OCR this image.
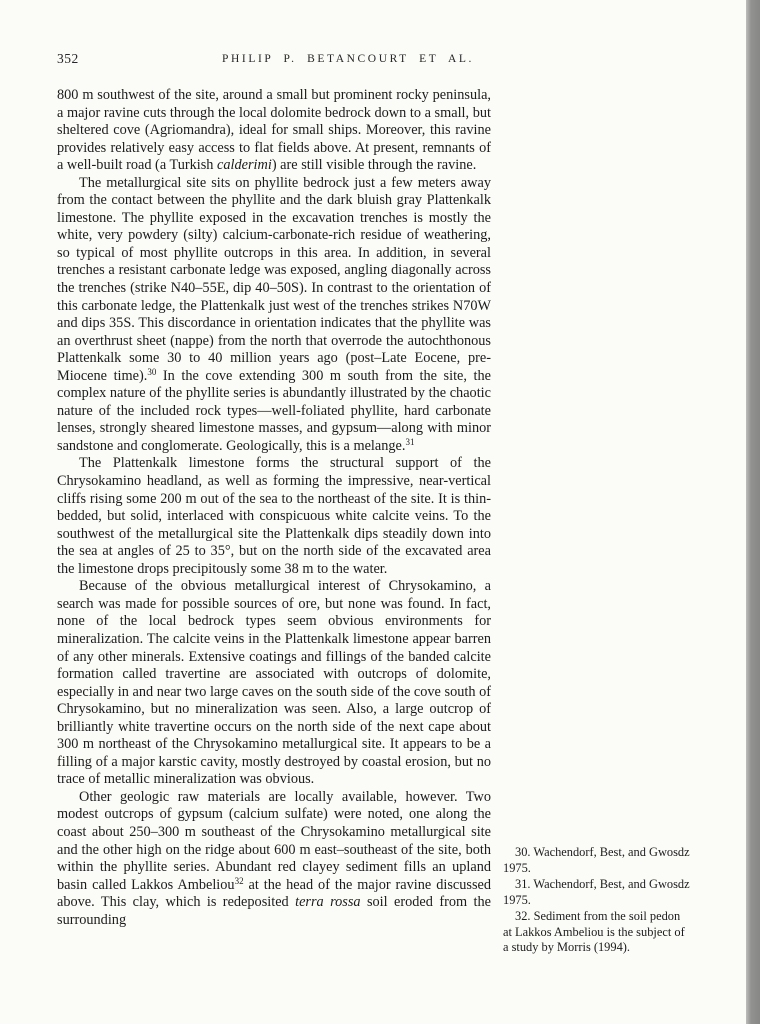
352	PHILIP P. BETANCOURT ET AL.

800 m southwest of the site, around a small but prominent rocky peninsula, a major ravine cuts through the local dolomite bedrock down to a small, but sheltered cove (Agriomandra), ideal for small ships. Moreover, this ravine provides relatively easy access to flat fields above. At present, remnants of a well-built road (a Turkish calderimi) are still visible through the ravine.

The metallurgical site sits on phyllite bedrock just a few meters away from the contact between the phyllite and the dark bluish gray Plattenkalk limestone. The phyllite exposed in the excavation trenches is mostly the white, very powdery (silty) calcium-carbonate-rich residue of weathering, so typical of most phyllite outcrops in this area. In addition, in several trenches a resistant carbonate ledge was exposed, angling diagonally across the trenches (strike N40–55E, dip 40–50S). In contrast to the orientation of this carbonate ledge, the Plattenkalk just west of the trenches strikes N70W and dips 35S. This discordance in orientation indicates that the phyllite was an overthrust sheet (nappe) from the north that overrode the autochthonous Plattenkalk some 30 to 40 million years ago (post–Late Eocene, pre-Miocene time).$^{30}$ In the cove extending 300 m south from the site, the complex nature of the phyllite series is abundantly illustrated by the chaotic nature of the included rock types—well-foliated phyllite, hard carbonate lenses, strongly sheared limestone masses, and gypsum—along with minor sandstone and conglomerate. Geologically, this is a melange.$^{31}$

The Plattenkalk limestone forms the structural support of the Chrysokamino headland, as well as forming the impressive, near-vertical cliffs rising some 200 m out of the sea to the northeast of the site. It is thin-bedded, but solid, interlaced with conspicuous white calcite veins. To the southwest of the metallurgical site the Plattenkalk dips steadily down into the sea at angles of 25 to 35°, but on the north side of the excavated area the limestone drops precipitously some 38 m to the water.

Because of the obvious metallurgical interest of Chrysokamino, a search was made for possible sources of ore, but none was found. In fact, none of the local bedrock types seem obvious environments for mineralization. The calcite veins in the Plattenkalk limestone appear barren of any other minerals. Extensive coatings and fillings of the banded calcite formation called travertine are associated with outcrops of dolomite, especially in and near two large caves on the south side of the cove south of Chrysokamino, but no mineralization was seen. Also, a large outcrop of brilliantly white travertine occurs on the north side of the next cape about 300 m northeast of the Chrysokamino metallurgical site. It appears to be a filling of a major karstic cavity, mostly destroyed by coastal erosion, but no trace of metallic mineralization was obvious.

Other geologic raw materials are locally available, however. Two modest outcrops of gypsum (calcium sulfate) were noted, one along the coast about 250–300 m southeast of the Chrysokamino metallurgical site and the other high on the ridge about 600 m east–southeast of the site, both within the phyllite series. Abundant red clayey sediment fills an upland basin called Lakkos Ambeliou$^{32}$ at the head of the major ravine discussed above. This clay, which is redeposited terra rossa soil eroded from the surrounding

30. Wachendorf, Best, and Gwosdz 1975.

31. Wachendorf, Best, and Gwosdz 1975.

32. Sediment from the soil pedon at Lakkos Ambeliou is the subject of a study by Morris (1994).
